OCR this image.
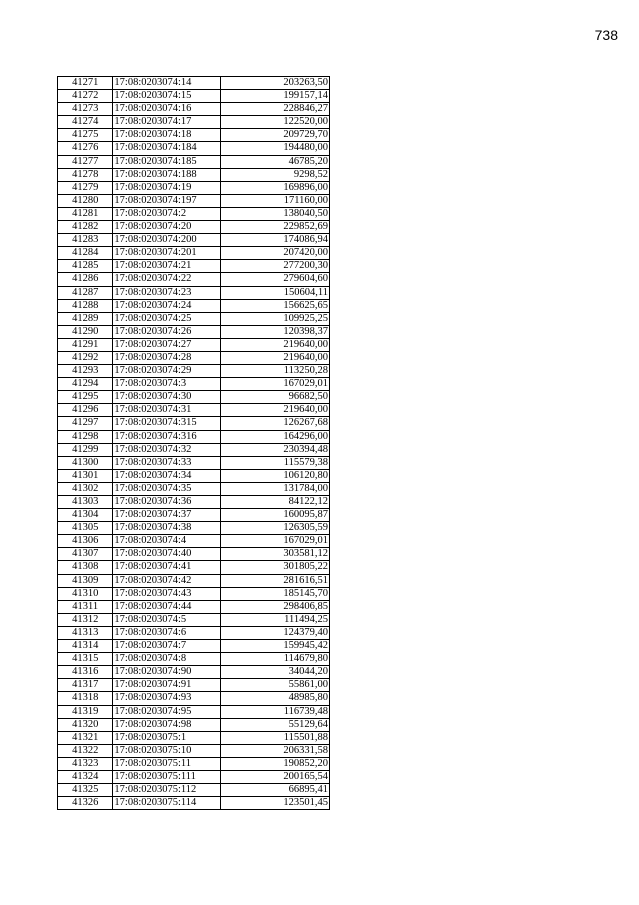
738
41271	17:08:0203074:14	203263,50
41272	17:08:0203074:15	199157,14
41273	17:08:0203074:16	228846,27
41274	17:08:0203074:17	122520,00
41275	17:08:0203074:18	209729,70
41276	17:08:0203074:184	194480,00
41277	17:08:0203074:185	46785,20
41278	17:08:0203074:188	9298,52
41279	17:08:0203074:19	169896,00
41280	17:08:0203074:197	171160,00
41281	17:08:0203074:2	138040,50
41282	17:08:0203074:20	229852,69
41283	17:08:0203074:200	174086,94
41284	17:08:0203074:201	207420,00
41285	17:08:0203074:21	277200,30
41286	17:08:0203074:22	279604,60
41287	17:08:0203074:23	150604,11
41288	17:08:0203074:24	156625,65
41289	17:08:0203074:25	109925,25
41290	17:08:0203074:26	120398,37
41291	17:08:0203074:27	219640,00
41292	17:08:0203074:28	219640,00
41293	17:08:0203074:29	113250,28
41294	17:08:0203074:3	167029,01
41295	17:08:0203074:30	96682,50
41296	17:08:0203074:31	219640,00
41297	17:08:0203074:315	126267,68
41298	17:08:0203074:316	164296,00
41299	17:08:0203074:32	230394,48
41300	17:08:0203074:33	115579,38
41301	17:08:0203074:34	106120,80
41302	17:08:0203074:35	131784,00
41303	17:08:0203074:36	84122,12
41304	17:08:0203074:37	160095,87
41305	17:08:0203074:38	126305,59
41306	17:08:0203074:4	167029,01
41307	17:08:0203074:40	303581,12
41308	17:08:0203074:41	301805,22
41309	17:08:0203074:42	281616,51
41310	17:08:0203074:43	185145,70
41311	17:08:0203074:44	298406,85
41312	17:08:0203074:5	111494,25
41313	17:08:0203074:6	124379,40
41314	17:08:0203074:7	159945,42
41315	17:08:0203074:8	114679,80
41316	17:08:0203074:90	34044,20
41317	17:08:0203074:91	55861,00
41318	17:08:0203074:93	48985,80
41319	17:08:0203074:95	116739,48
41320	17:08:0203074:98	55129,64
41321	17:08:0203075:1	115501,88
41322	17:08:0203075:10	206331,58
41323	17:08:0203075:11	190852,20
41324	17:08:0203075:111	200165,54
41325	17:08:0203075:112	66895,41
41326	17:08:0203075:114	123501,45
